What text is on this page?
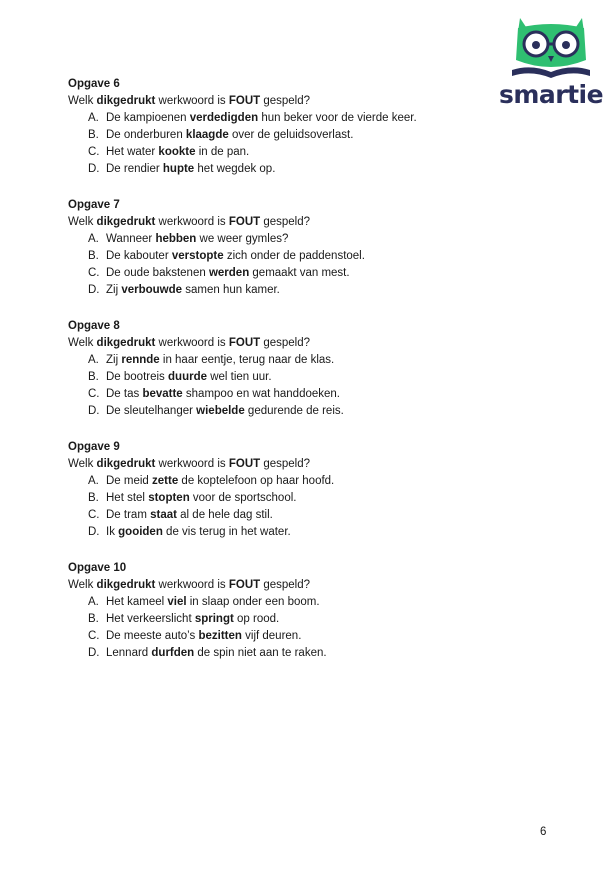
smartie
Opgave 6
Welk dikgedrukt werkwoord is FOUT gespeld?
A. De kampioenen verdedigden hun beker voor de vierde keer.
B. De onderburen klaagde over de geluidsoverlast.
C. Het water kookte in de pan.
D. De rendier hupte het wegdek op.
Opgave 7
Welk dikgedrukt werkwoord is FOUT gespeld?
A. Wanneer hebben we weer gymles?
B. De kabouter verstopte zich onder de paddenstoel.
C. De oude bakstenen werden gemaakt van mest.
D. Zij verbouwde samen hun kamer.
Opgave 8
Welk dikgedrukt werkwoord is FOUT gespeld?
A. Zij rennde in haar eentje, terug naar de klas.
B. De bootreis duurde wel tien uur.
C. De tas bevatte shampoo en wat handdoeken.
D. De sleutelhanger wiebelde gedurende de reis.
Opgave 9
Welk dikgedrukt werkwoord is FOUT gespeld?
A. De meid zette de koptelefoon op haar hoofd.
B. Het stel stopten voor de sportschool.
C. De tram staat al de hele dag stil.
D. Ik gooiden de vis terug in het water.
Opgave 10
Welk dikgedrukt werkwoord is FOUT gespeld?
A. Het kameel viel in slaap onder een boom.
B. Het verkeerslicht springt op rood.
C. De meeste auto’s bezitten vijf deuren.
D. Lennard durfden de spin niet aan te raken.
6
